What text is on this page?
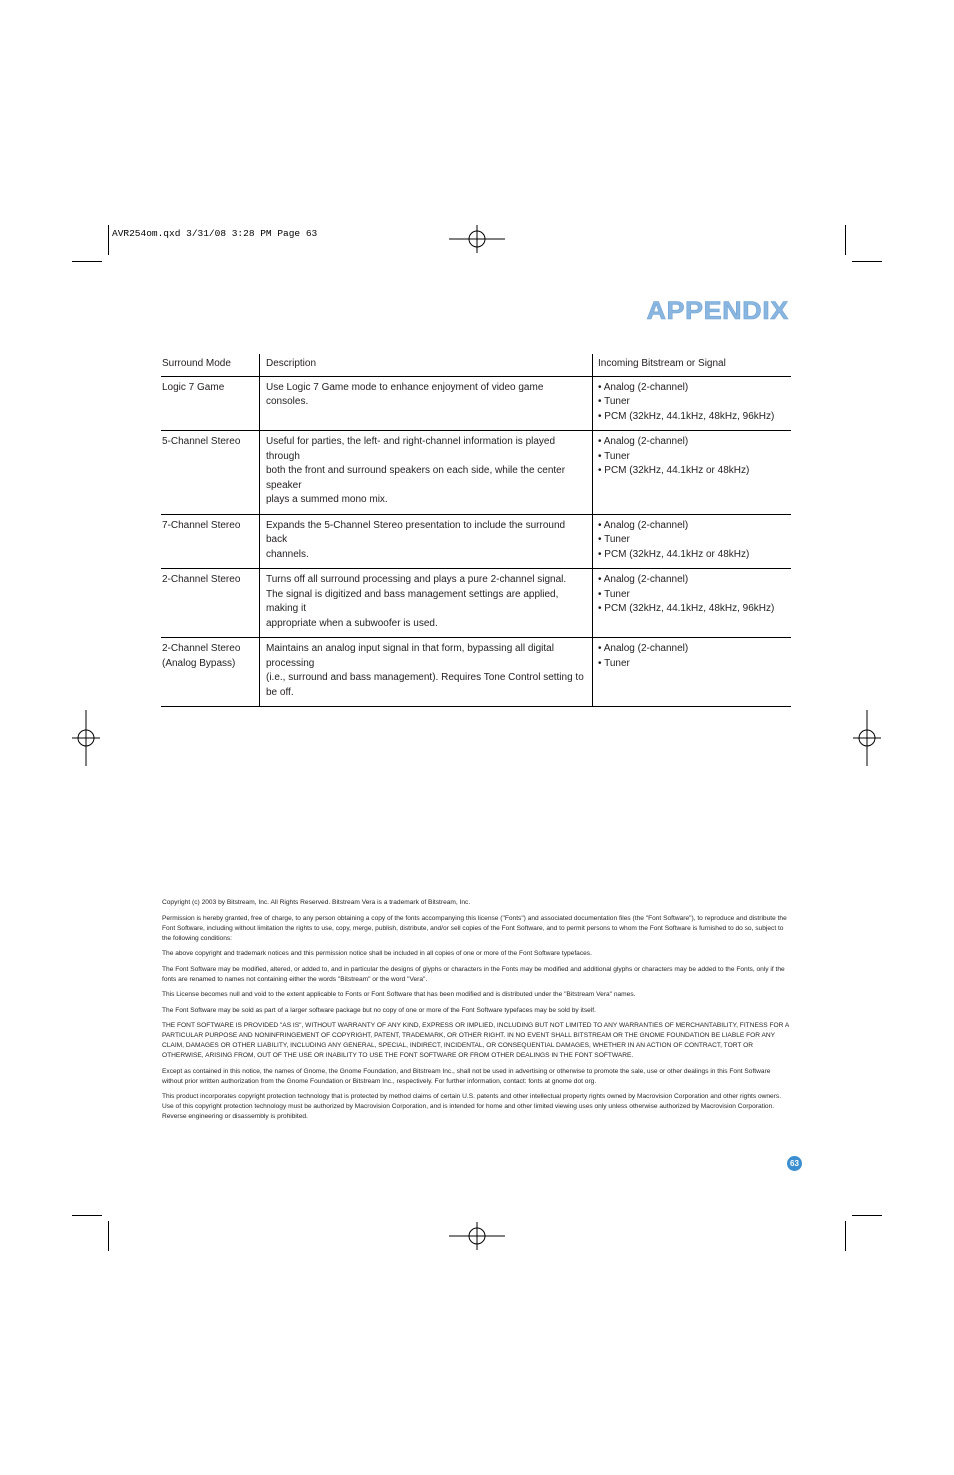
AVR254om.qxd 3/31/08 3:28 PM Page 63
APPENDIX
Surround Mode	Description	Incoming Bitstream or Signal

Logic 7 Game	Use Logic 7 Game mode to enhance enjoyment of video game consoles.	• Analog (2-channel)
• Tuner
• PCM (32kHz, 44.1kHz, 48kHz, 96kHz)

5-Channel Stereo	Useful for parties, the left- and right-channel information is played through
both the front and surround speakers on each side, while the center speaker
plays a summed mono mix.	• Analog (2-channel)
• Tuner
• PCM (32kHz, 44.1kHz or 48kHz)

7-Channel Stereo	Expands the 5-Channel Stereo presentation to include the surround back
channels.	• Analog (2-channel)
• Tuner
• PCM (32kHz, 44.1kHz or 48kHz)

2-Channel Stereo	Turns off all surround processing and plays a pure 2-channel signal.
The signal is digitized and bass management settings are applied, making it
appropriate when a subwoofer is used.	• Analog (2-channel)
• Tuner
• PCM (32kHz, 44.1kHz, 48kHz, 96kHz)

2-Channel Stereo
(Analog Bypass)	Maintains an analog input signal in that form, bypassing all digital processing
(i.e., surround and bass management). Requires Tone Control setting to be off.	• Analog (2-channel)
• Tuner

Copyright (c) 2003 by Bitstream, Inc. All Rights Reserved. Bitstream Vera is a trademark of Bitstream, Inc.

Permission is hereby granted, free of charge, to any person obtaining a copy of the fonts accompanying this license ("Fonts") and associated documentation files (the "Font Software"), to reproduce and distribute the Font Software, including without limitation the rights to use, copy, merge, publish, distribute, and/or sell copies of the Font Software, and to permit persons to whom the Font Software is furnished to do so, subject to the following conditions:

The above copyright and trademark notices and this permission notice shall be included in all copies of one or more of the Font Software typefaces.

The Font Software may be modified, altered, or added to, and in particular the designs of glyphs or characters in the Fonts may be modified and additional glyphs or characters may be added to the Fonts, only if the fonts are renamed to names not containing either the words "Bitstream" or the word "Vera".

This License becomes null and void to the extent applicable to Fonts or Font Software that has been modified and is distributed under the "Bitstream Vera" names.

The Font Software may be sold as part of a larger software package but no copy of one or more of the Font Software typefaces may be sold by itself.

THE FONT SOFTWARE IS PROVIDED "AS IS", WITHOUT WARRANTY OF ANY KIND, EXPRESS OR IMPLIED, INCLUDING BUT NOT LIMITED TO ANY WARRANTIES OF MERCHANTABILITY, FITNESS FOR A PARTICULAR PURPOSE AND NONINFRINGEMENT OF COPYRIGHT, PATENT, TRADEMARK, OR OTHER RIGHT. IN NO EVENT SHALL BITSTREAM OR THE GNOME FOUNDATION BE LIABLE FOR ANY CLAIM, DAMAGES OR OTHER LIABILITY, INCLUDING ANY GENERAL, SPECIAL, INDIRECT, INCIDENTAL, OR CONSEQUENTIAL DAMAGES, WHETHER IN AN ACTION OF CONTRACT, TORT OR OTHERWISE, ARISING FROM, OUT OF THE USE OR INABILITY TO USE THE FONT SOFTWARE OR FROM OTHER DEALINGS IN THE FONT SOFTWARE.

Except as contained in this notice, the names of Gnome, the Gnome Foundation, and Bitstream Inc., shall not be used in advertising or otherwise to promote the sale, use or other dealings in this Font Software without prior written authorization from the Gnome Foundation or Bitstream Inc., respectively. For further information, contact: fonts at gnome dot org.

This product incorporates copyright protection technology that is protected by method claims of certain U.S. patents and other intellectual property rights owned by Macrovision Corporation and other rights owners. Use of this copyright protection technology must be authorized by Macrovision Corporation, and is intended for home and other limited viewing uses only unless otherwise authorized by Macrovision Corporation. Reverse engineering or disassembly is prohibited.

63
